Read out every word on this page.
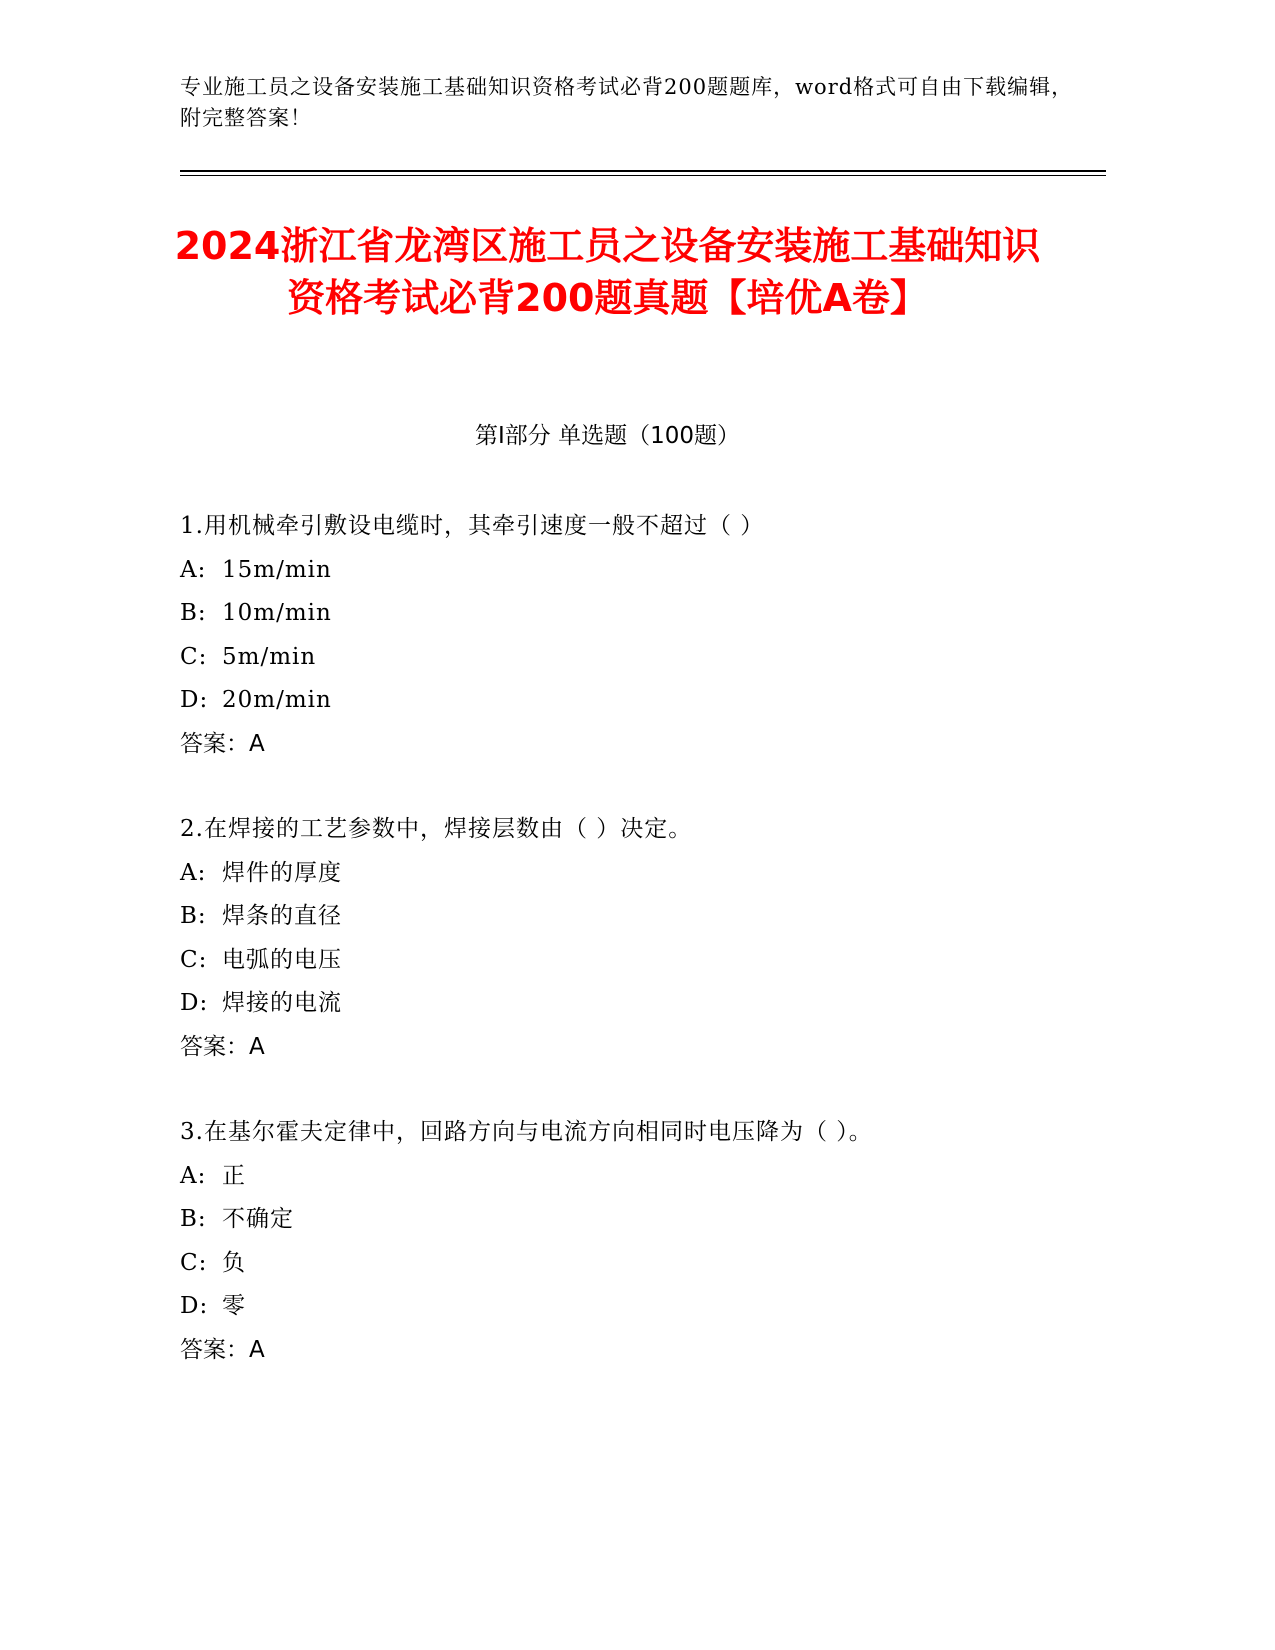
专业施工员之设备安装施工基础知识资格考试必背200题题库，word格式可自由下载编辑，附完整答案！
2024浙江省龙湾区施工员之设备安装施工基础知识资格考试必背200题真题【培优A卷】
第Ⅰ部分 单选题（100题）
1.用机械牵引敷设电缆时，其牵引速度一般不超过（ ）
A: 15m/min
B: 10m/min
C: 5m/min
D: 20m/min
答案：A
2.在焊接的工艺参数中，焊接层数由（ ）决定。
A: 焊件的厚度
B: 焊条的直径
C: 电弧的电压
D: 焊接的电流
答案：A
3.在基尔霍夫定律中，回路方向与电流方向相同时电压降为（ ）。
A: 正
B: 不确定
C: 负
D: 零
答案：A
